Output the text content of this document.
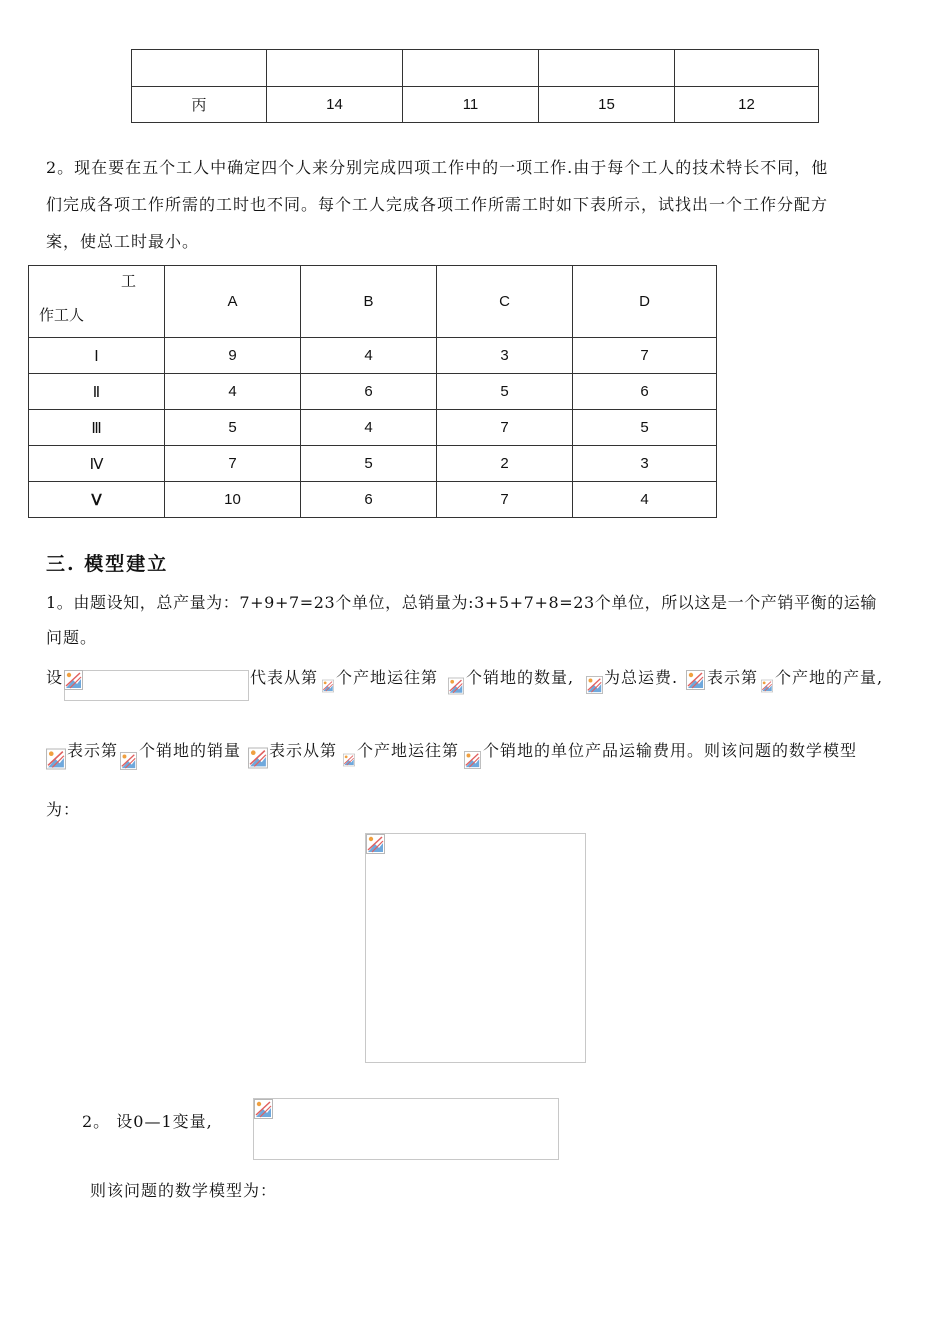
丙	14	11	15	12
2。现在要在五个工人中确定四个人来分别完成四项工作中的一项工作.由于每个工人的技术特长不同，他
们完成各项工作所需的工时也不同。每个工人完成各项工作所需工时如下表所示，试找出一个工作分配方
案，使总工时最小。
工
作工人	A	B	C	D
Ⅰ	9	4	3	7
Ⅱ	4	6	5	6
Ⅲ	5	4	7	5
Ⅳ	7	5	2	3
Ⅴ	10	6	7	4
三. 模型建立
1。由题设知，总产量为：7+9+7=23个单位，总销量为:3+5+7+8=23个单位，所以这是一个产销平衡的运输
问题。
设	代表从第 个产地运往第 个销地的数量, 为总运费. 表示第 个产地的产量,
表示第 个销地的销量 表示从第 个产地运往第 个销地的单位产品运输费用。则该问题的数学模型
为：
2。 设0—1变量,
则该问题的数学模型为：
